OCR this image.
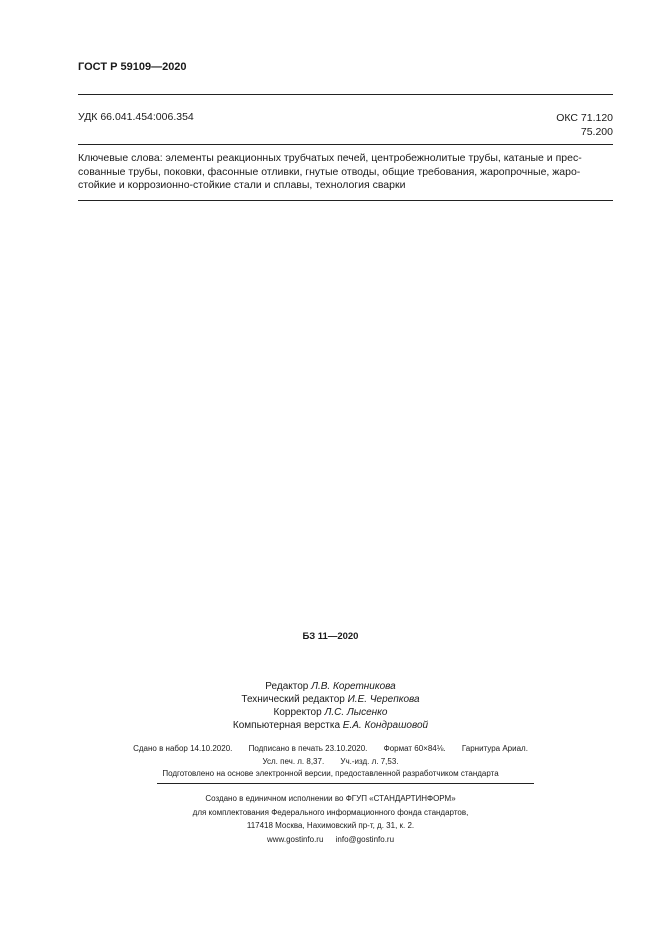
ГОСТ Р 59109—2020
УДК 66.041.454:006.354	ОКС 71.120
75.200
Ключевые слова: элементы реакционных трубчатых печей, центробежнолитые трубы, катаные и прес-
сованные трубы, поковки, фасонные отливки, гнутые отводы, общие требования, жаропрочные, жаро-
стойкие и коррозионно-стойкие стали и сплавы, технология сварки
БЗ 11—2020
Редактор Л.В. Коретникова
Технический редактор И.Е. Черепкова
Корректор Л.С. Лысенко
Компьютерная верстка Е.А. Кондрашовой
Сдано в набор 14.10.2020. Подписано в печать 23.10.2020. Формат 60×84⅛. Гарнитура Ариал.
Усл. печ. л. 8,37. Уч.-изд. л. 7,53.
Подготовлено на основе электронной версии, предоставленной разработчиком стандарта
Создано в единичном исполнении во ФГУП «СТАНДАРТИНФОРМ»
для комплектования Федерального информационного фонда стандартов,
117418 Москва, Нахимовский пр-т, д. 31, к. 2.
www.gostinfo.ru info@gostinfo.ru
